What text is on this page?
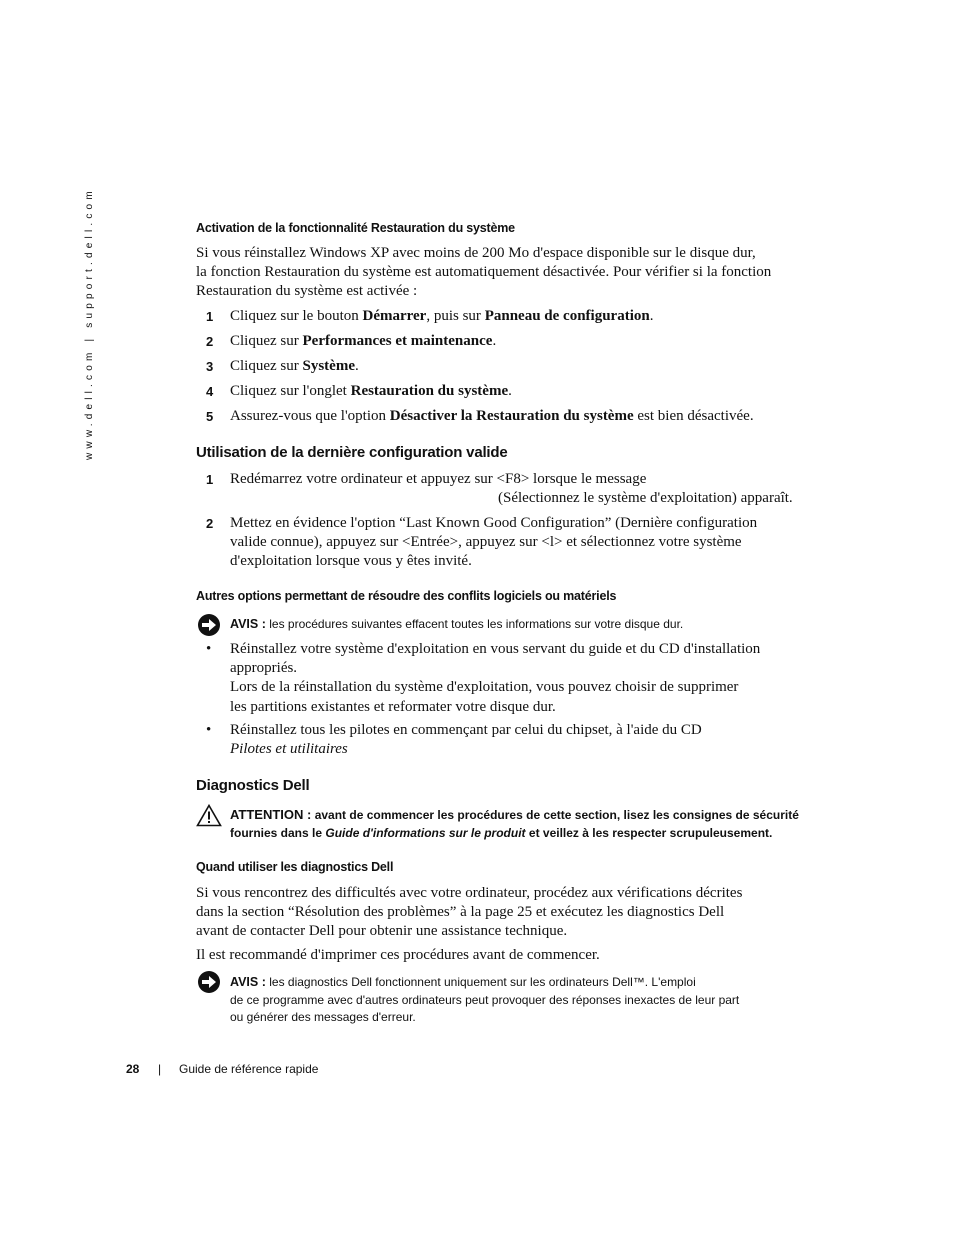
www.dell.com | support.dell.com	Activation de la fonctionnalité Restauration du système
Si vous réinstallez Windows XP avec moins de 200 Mo d'espace disponible sur le disque dur,
la fonction Restauration du système est automatiquement désactivée. Pour vérifier si la fonction
Restauration du système est activée :
1 Cliquez sur le bouton Démarrer, puis sur Panneau de configuration.
2 Cliquez sur Performances et maintenance.
3 Cliquez sur Système.
4 Cliquez sur l'onglet Restauration du système.
5 Assurez-vous que l'option Désactiver la Restauration du système est bien désactivée.
Utilisation de la dernière configuration valide
1 Redémarrez votre ordinateur et appuyez sur <F8> lorsque le message
(Sélectionnez le système d'exploitation) apparaît.
2 Mettez en évidence l'option “Last Known Good Configuration” (Dernière configuration
valide connue), appuyez sur <Entrée>, appuyez sur <l> et sélectionnez votre système
d'exploitation lorsque vous y êtes invité.
Autres options permettant de résoudre des conflits logiciels ou matériels
AVIS : les procédures suivantes effacent toutes les informations sur votre disque dur.
• Réinstallez votre système d'exploitation en vous servant du guide et du CD d'installation
appropriés.
Lors de la réinstallation du système d'exploitation, vous pouvez choisir de supprimer
les partitions existantes et reformater votre disque dur.
• Réinstallez tous les pilotes en commençant par celui du chipset, à l'aide du CD
Pilotes et utilitaires
Diagnostics Dell
ATTENTION : avant de commencer les procédures de cette section, lisez les consignes de sécurité
fournies dans le Guide d'informations sur le produit et veillez à les respecter scrupuleusement.
Quand utiliser les diagnostics Dell
Si vous rencontrez des difficultés avec votre ordinateur, procédez aux vérifications décrites
dans la section “Résolution des problèmes” à la page 25 et exécutez les diagnostics Dell
avant de contacter Dell pour obtenir une assistance technique.
Il est recommandé d'imprimer ces procédures avant de commencer.
AVIS : les diagnostics Dell fonctionnent uniquement sur les ordinateurs Dell™. L'emploi
de ce programme avec d'autres ordinateurs peut provoquer des réponses inexactes de leur part
ou générer des messages d'erreur.
28 | Guide de référence rapide
